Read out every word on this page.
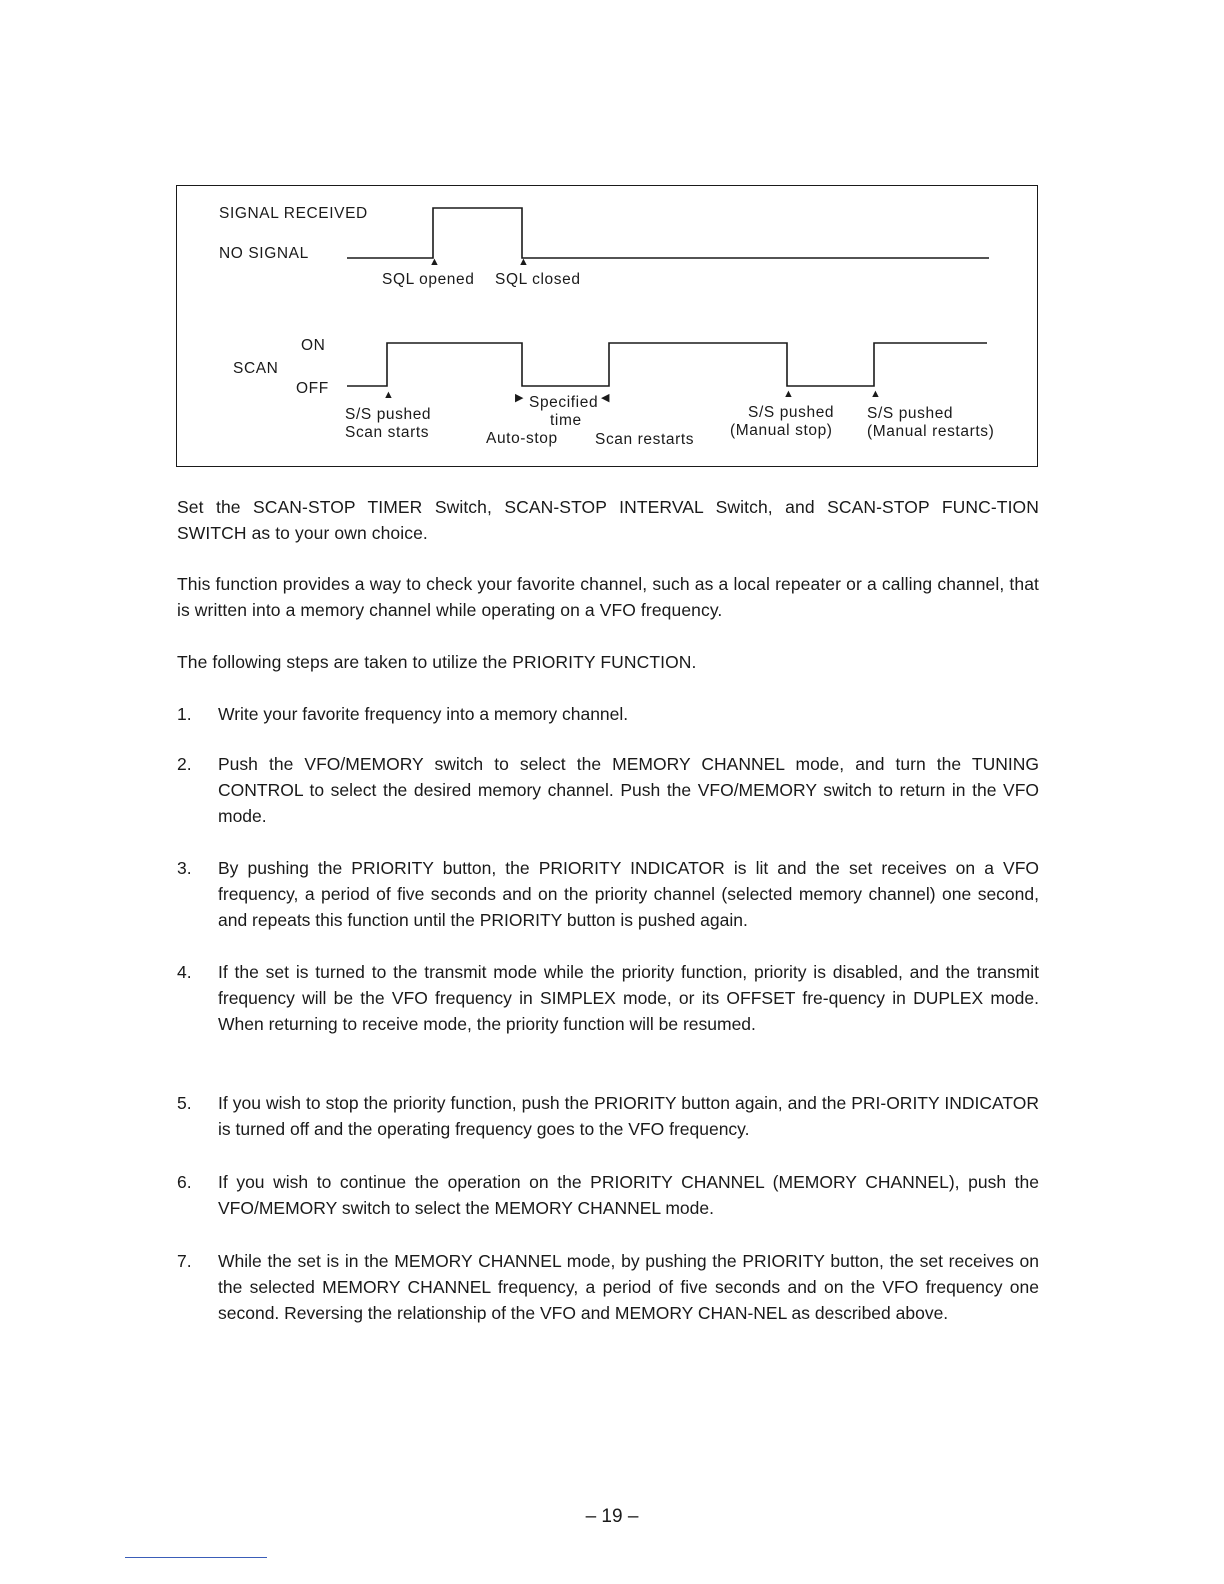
SIGNAL RECEIVED
NO SIGNAL	▲	▲
SQL opened SQL closed
ON
SCAN
OFF	▲
S/S pushed
Scan starts
▶ Specified ◀
time
Auto-stop Scan restarts
▲
S/S pushed
(Manual stop)
▲
S/S pushed
(Manual restarts)

Set the SCAN-STOP TIMER Switch, SCAN-STOP INTERVAL Switch, and SCAN-STOP FUNC-TION SWITCH as to your own choice.

This function provides a way to check your favorite channel, such as a local repeater or a calling channel, that is written into a memory channel while operating on a VFO frequency.

The following steps are taken to utilize the PRIORITY FUNCTION.

1.	Write your favorite frequency into a memory channel.

2.	Push the VFO/MEMORY switch to select the MEMORY CHANNEL mode, and turn the TUNING CONTROL to select the desired memory channel. Push the VFO/MEMORY switch to return in the VFO mode.

3.	By pushing the PRIORITY button, the PRIORITY INDICATOR is lit and the set receives on a VFO frequency, a period of five seconds and on the priority channel (selected memory channel) one second, and repeats this function until the PRIORITY button is pushed again.

4.	If the set is turned to the transmit mode while the priority function, priority is disabled, and the transmit frequency will be the VFO frequency in SIMPLEX mode, or its OFFSET fre-quency in DUPLEX mode. When returning to receive mode, the priority function will be resumed.

5.	If you wish to stop the priority function, push the PRIORITY button again, and the PRI-ORITY INDICATOR is turned off and the operating frequency goes to the VFO frequency.

6.	If you wish to continue the operation on the PRIORITY CHANNEL (MEMORY CHANNEL), push the VFO/MEMORY switch to select the MEMORY CHANNEL mode.

7.	While the set is in the MEMORY CHANNEL mode, by pushing the PRIORITY button, the set receives on the selected MEMORY CHANNEL frequency, a period of five seconds and on the VFO frequency one second. Reversing the relationship of the VFO and MEMORY CHAN-NEL as described above.

– 19 –
